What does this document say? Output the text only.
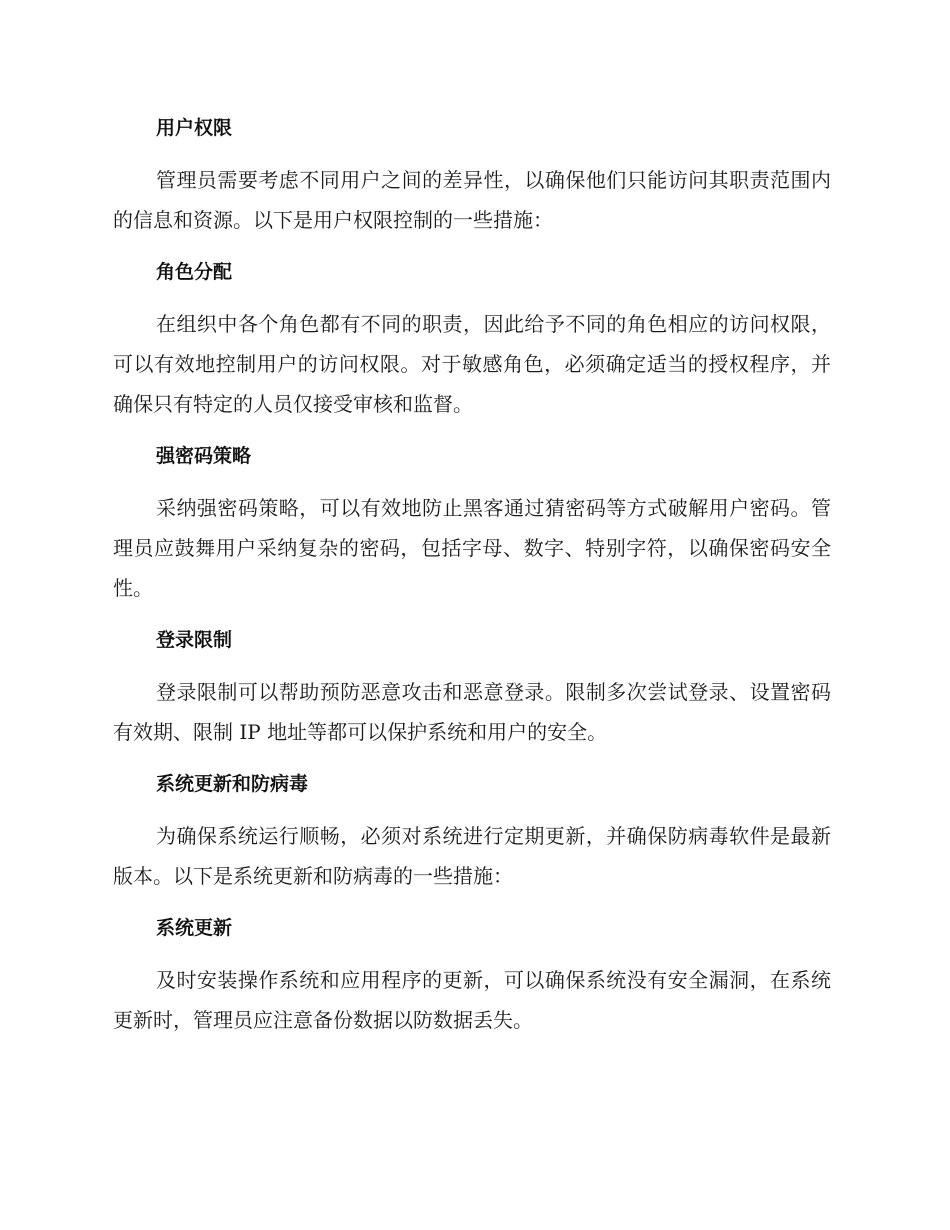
用户权限

管理员需要考虑不同用户之间的差异性，以确保他们只能访问其职责范围内的信息和资源。以下是用户权限控制的一些措施：

角色分配

在组织中各个角色都有不同的职责，因此给予不同的角色相应的访问权限，可以有效地控制用户的访问权限。对于敏感角色，必须确定适当的授权程序，并确保只有特定的人员仅接受审核和监督。

强密码策略

采纳强密码策略，可以有效地防止黑客通过猜密码等方式破解用户密码。管理员应鼓舞用户采纳复杂的密码，包括字母、数字、特别字符，以确保密码安全性。

登录限制

登录限制可以帮助预防恶意攻击和恶意登录。限制多次尝试登录、设置密码有效期、限制 IP 地址等都可以保护系统和用户的安全。

系统更新和防病毒

为确保系统运行顺畅，必须对系统进行定期更新，并确保防病毒软件是最新版本。以下是系统更新和防病毒的一些措施：

系统更新

及时安装操作系统和应用程序的更新，可以确保系统没有安全漏洞，在系统更新时，管理员应注意备份数据以防数据丢失。
